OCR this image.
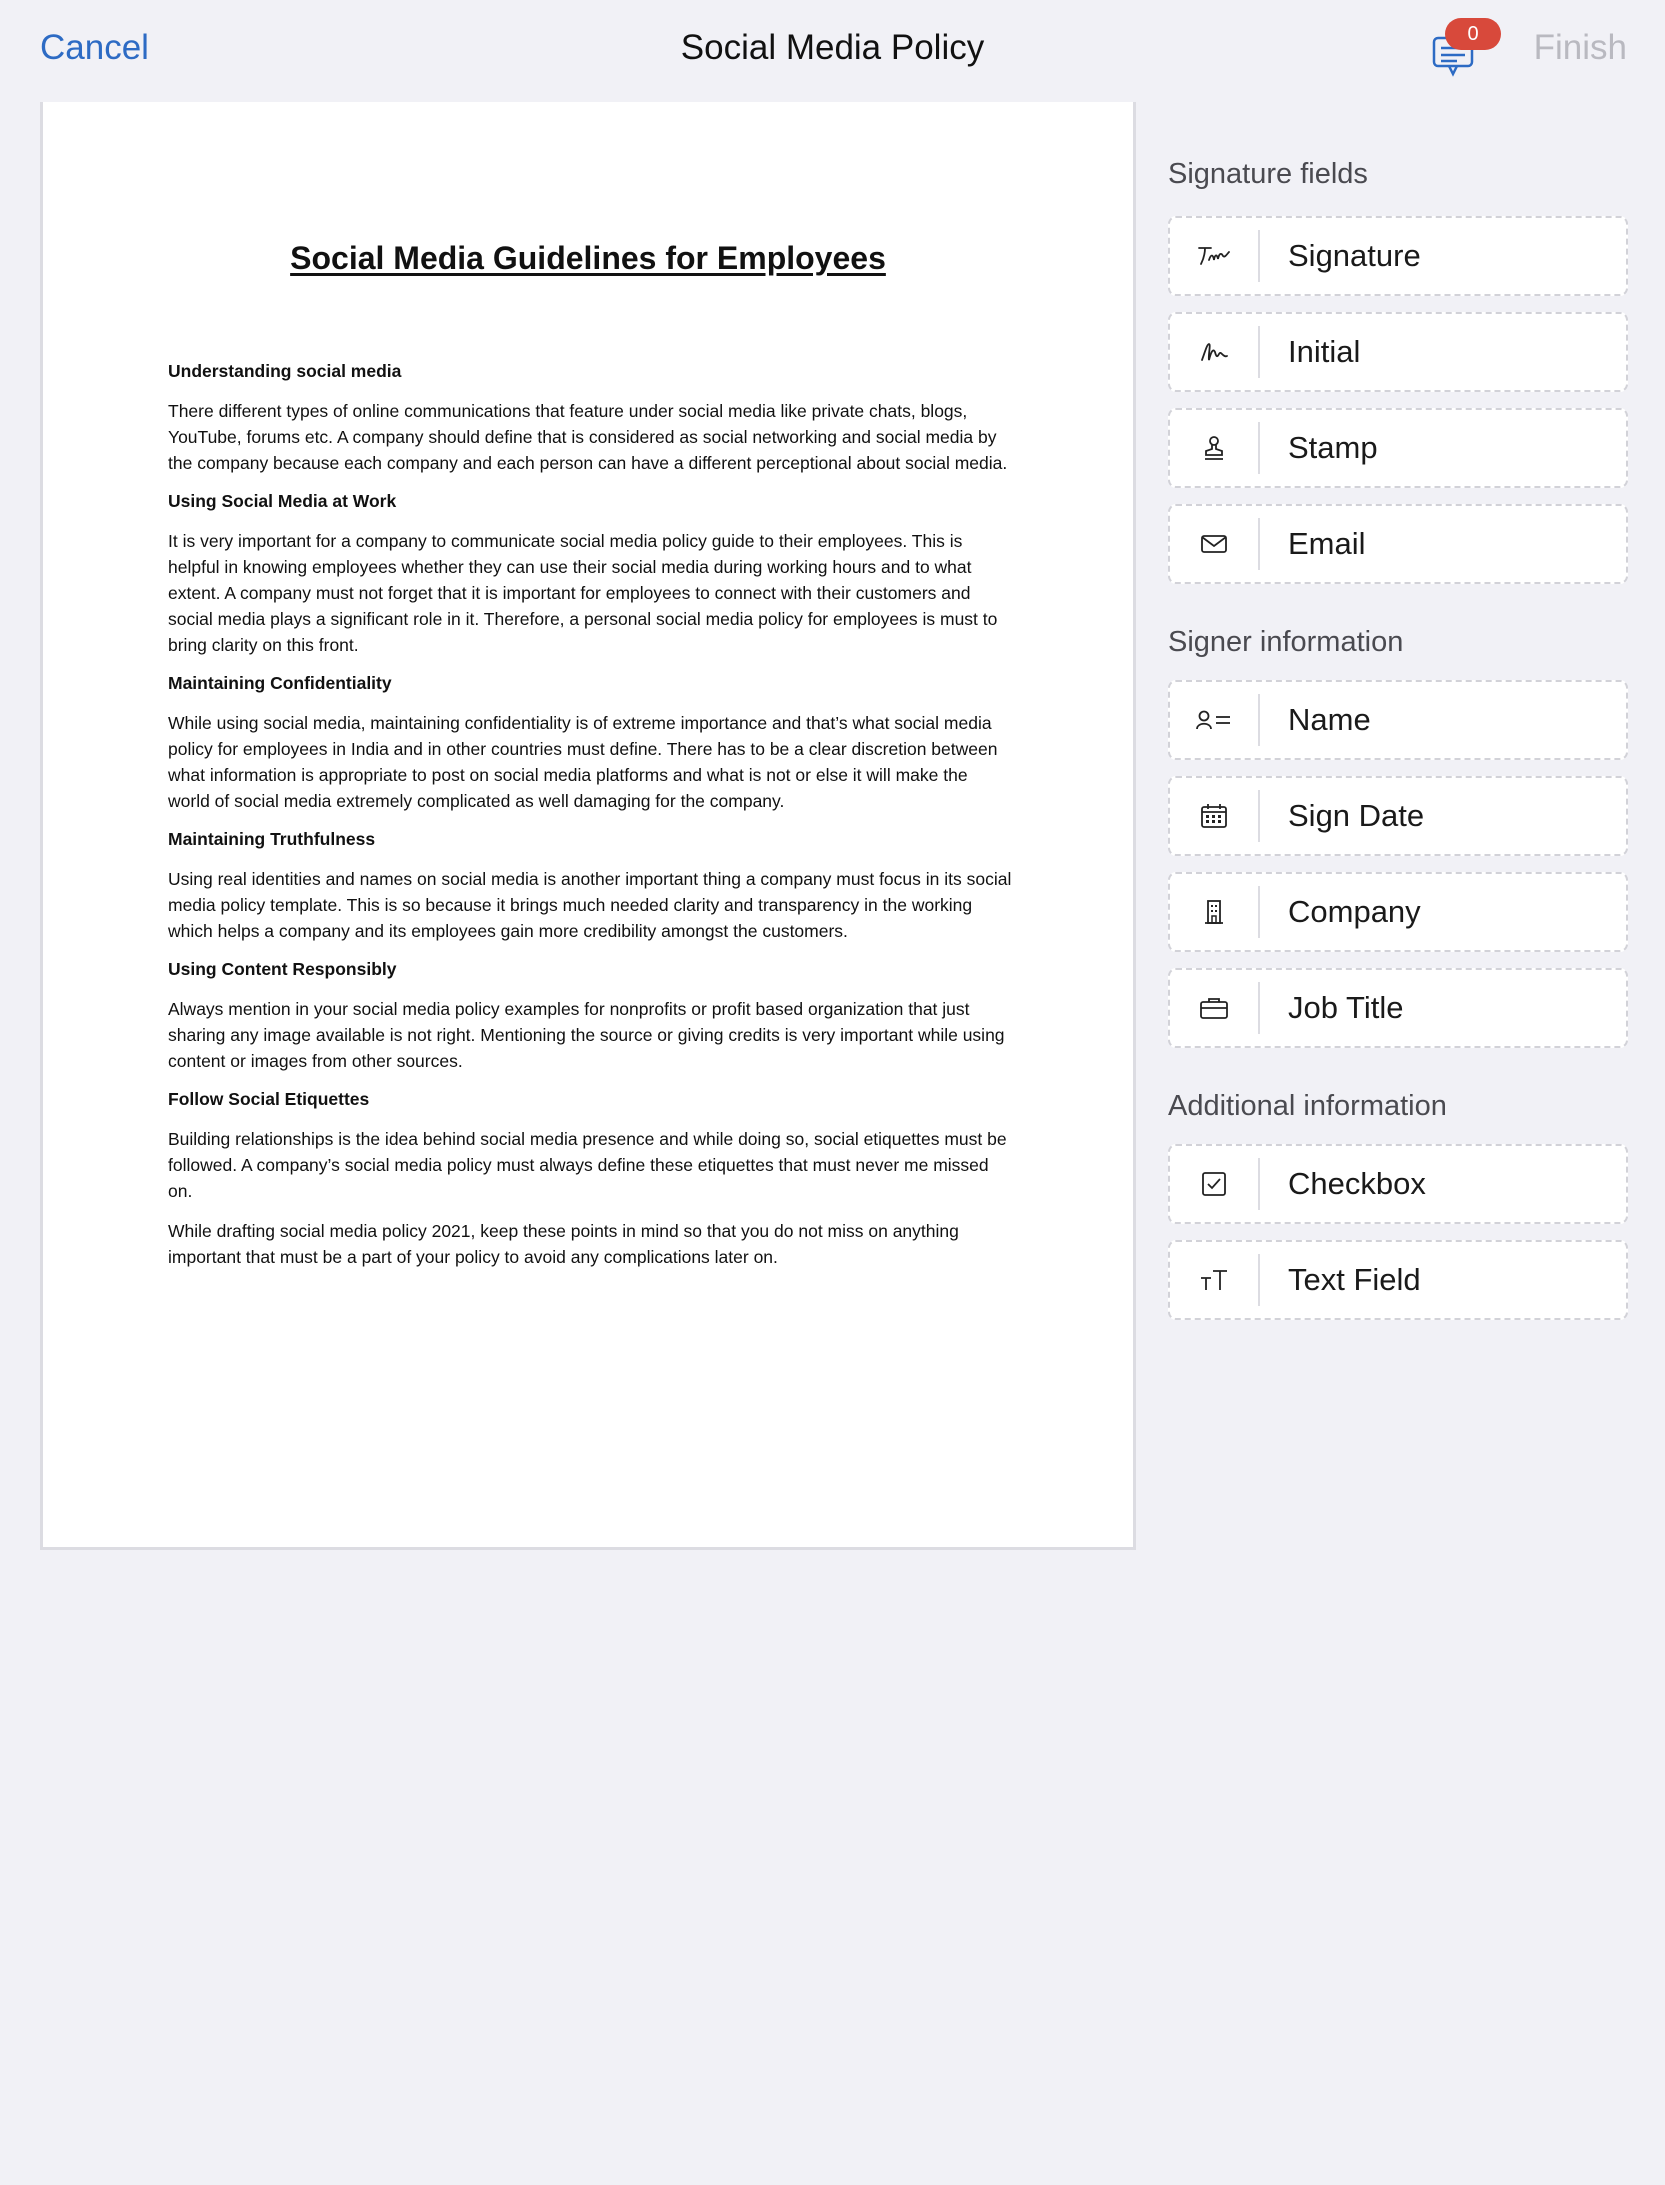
Cancel	Social Media Policy	0	Finish
Social Media Guidelines for Employees
Understanding social media

There different types of online communications that feature under social media like private chats, blogs, YouTube, forums etc. A company should define that is considered as social networking and social media by the company because each company and each person can have a different perceptional about social media.

Using Social Media at Work

It is very important for a company to communicate social media policy guide to their employees. This is helpful in knowing employees whether they can use their social media during working hours and to what extent. A company must not forget that it is important for employees to connect with their customers and social media plays a significant role in it. Therefore, a personal social media policy for employees is must to bring clarity on this front.

Maintaining Confidentiality

While using social media, maintaining confidentiality is of extreme importance and that’s what social media policy for employees in India and in other countries must define. There has to be a clear discretion between what information is appropriate to post on social media platforms and what is not or else it will make the world of social media extremely complicated as well damaging for the company.

Maintaining Truthfulness

Using real identities and names on social media is another important thing a company must focus in its social media policy template. This is so because it brings much needed clarity and transparency in the working which helps a company and its employees gain more credibility amongst the customers.

Using Content Responsibly

Always mention in your social media policy examples for nonprofits or profit based organization that just sharing any image available is not right. Mentioning the source or giving credits is very important while using content or images from other sources.

Follow Social Etiquettes

Building relationships is the idea behind social media presence and while doing so, social etiquettes must be followed. A company’s social media policy must always define these etiquettes that must never me missed on.

While drafting social media policy 2021, keep these points in mind so that you do not miss on anything important that must be a part of your policy to avoid any complications later on.

Signature fields
Signature
Initial
Stamp
Email
Signer information
Name
Sign Date
Company
Job Title
Additional information
Checkbox
Text Field
